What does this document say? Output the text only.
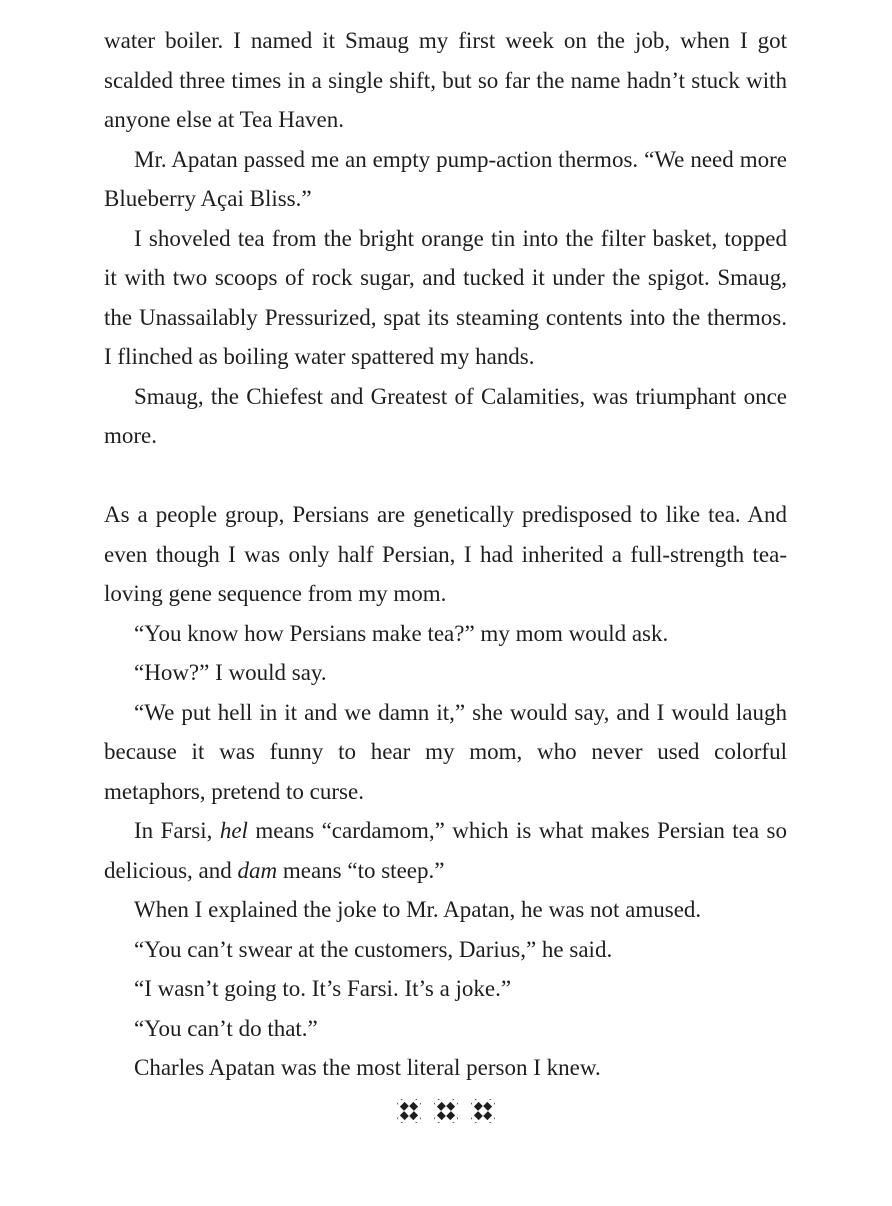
water boiler. I named it Smaug my first week on the job, when I got scalded three times in a single shift, but so far the name hadn’t stuck with anyone else at Tea Haven.

Mr. Apatan passed me an empty pump-action thermos. “We need more Blueberry Açai Bliss.”

I shoveled tea from the bright orange tin into the filter basket, topped it with two scoops of rock sugar, and tucked it under the spigot. Smaug, the Unassailably Pressurized, spat its steaming contents into the thermos. I flinched as boiling water spattered my hands.

Smaug, the Chiefest and Greatest of Calamities, was triumphant once more.

As a people group, Persians are genetically predisposed to like tea. And even though I was only half Persian, I had inherited a full-strength tea-loving gene sequence from my mom.

“You know how Persians make tea?” my mom would ask.

“How?” I would say.

“We put hell in it and we damn it,” she would say, and I would laugh because it was funny to hear my mom, who never used colorful metaphors, pretend to curse.

In Farsi, hel means “cardamom,” which is what makes Persian tea so delicious, and dam means “to steep.”

When I explained the joke to Mr. Apatan, he was not amused.

“You can’t swear at the customers, Darius,” he said.

“I wasn’t going to. It’s Farsi. It’s a joke.”

“You can’t do that.”

Charles Apatan was the most literal person I knew.
